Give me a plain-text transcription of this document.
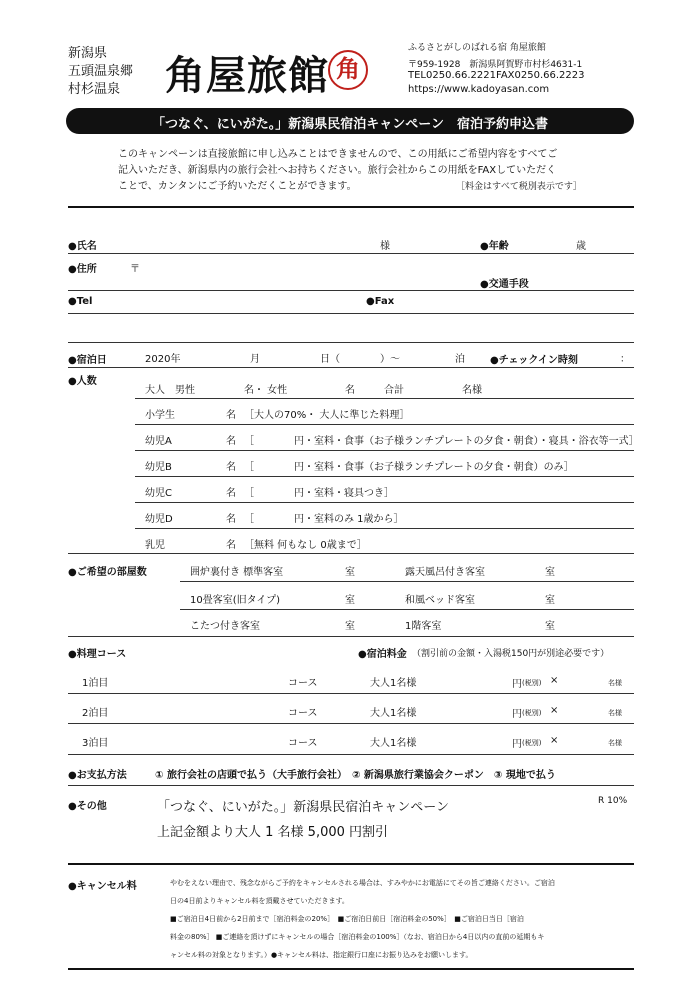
新潟県
五頭温泉郷
村杉温泉 角屋旅館 角
ふるさとがしのばれる宿 角屋旅館
〒959-1928　新潟県阿賀野市村杉4631-1
TEL0250.66.2221FAX0250.66.2223
https://www.kadoyasan.com
「つなぐ、にいがた。」新潟県民宿泊キャンペーン　宿泊予約申込書
このキャンペーンは直接旅館に申し込みことはできませんので、この用紙にご希望内容をすべてご
記入いただき、新潟県内の旅行会社へお持ちください。旅行会社からこの用紙をFAXしていただく
ことで、カンタンにご予約いただくことができます。	［料金はすべて税別表示です］
●氏名	様	●年齢	歳
●住所	〒
●交通手段
●Tel	●Fax
●宿泊日	2020年	月	日（	）～	泊	●チェックイン時刻	：
●人数
大人　男性	名・ 女性	名	合計	名様
小学生	名 ［大人の70%・ 大人に準じた料理］
幼児A	名 ［　　　　円・室料・食事（お子様ランチプレートの夕食・朝食）・寝具・浴衣等一式］
幼児B	名 ［　　　　円・室料・食事（お子様ランチプレートの夕食・朝食）のみ］
幼児C	名 ［　　　　円・室料・寝具つき］
幼児D	名 ［　　　　円・室料のみ 1歳から］
乳児	名 ［無料 何もなし 0歳まで］
●ご希望の部屋数	囲炉裏付き 標準客室	室	露天風呂付き客室	室
10畳客室(旧タイプ)	室	和風ベッド客室	室
こたつ付き客室	室	1階客室	室
●料理コース	●宿泊料金 （割引前の金額・入湯税150円が別途必要です）
1泊目	コース	大人1名様	円 (税別) ×	名様
2泊目	コース	大人1名様	円 (税別) ×	名様
3泊目	コース	大人1名様	円 (税別) ×	名様
●お支払方法	① 旅行会社の店頭で払う（大手旅行会社）　② 新潟県旅行業協会クーポン　③ 現地で払う
●その他	「つなぐ、にいがた。」新潟県民宿泊キャンペーン
上記金額より大人 1 名様 5,000 円割引
R 10%
●キャンセル料	やむをえない理由で、残念ながらご予約をキャンセルされる場合は、すみやかにお電話にてその旨ご連絡ください。ご宿泊
日の4日前よりキャンセル料を頂戴させていただきます。
■ご宿泊日4日前から2日前まで［宿泊料金の20%］　■ご宿泊日前日［宿泊料金の50%］　■ご宿泊日当日［宿泊
料金の80%］ ■ご連絡を頂けずにキャンセルの場合［宿泊料金の100%］（なお、宿泊日から4日以内の直前の延期もキ
ャンセル料の対象となります。）●キャンセル料は、指定銀行口座にお振り込みをお願いします。
